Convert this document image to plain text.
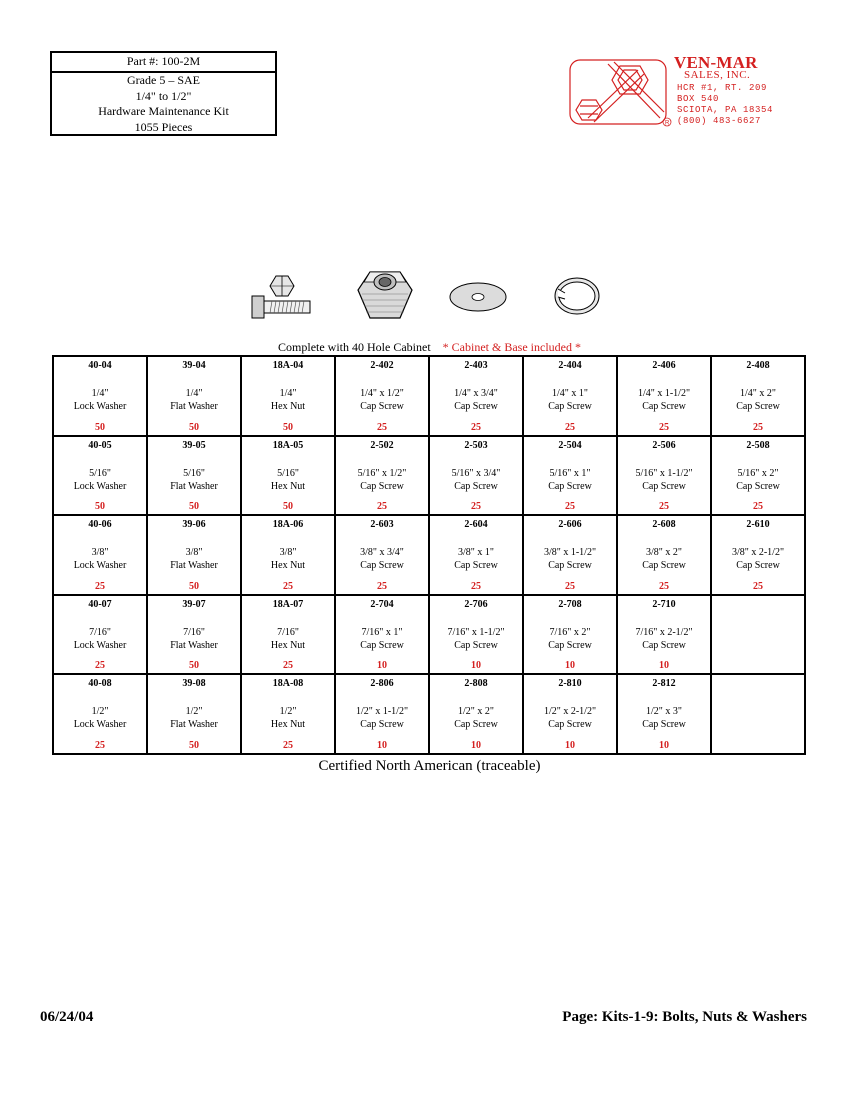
Part #: 100-2M
Grade 5 – SAE
1/4" to 1/2"
Hardware Maintenance Kit
1055 Pieces	R
VEN-MAR
SALES, INC.
HCR #1, RT. 209
BOX 540
SCIOTA, PA 18354
(800) 483-6627
Complete with 40 Hole Cabinet * Cabinet & Base included *
40-04
1/4"
Lock Washer
50	39-04
1/4"
Flat Washer
50	18A-04
1/4"
Hex Nut
50	2-402
1/4" x 1/2"
Cap Screw
25	2-403
1/4" x 3/4"
Cap Screw
25	2-404
1/4" x 1"
Cap Screw
25	2-406
1/4" x 1-1/2"
Cap Screw
25	2-408
1/4" x 2"
Cap Screw
25

40-05
5/16"
Lock Washer
50	39-05
5/16"
Flat Washer
50	18A-05
5/16"
Hex Nut
50	2-502
5/16" x 1/2"
Cap Screw
25	2-503
5/16" x 3/4"
Cap Screw
25	2-504
5/16" x 1"
Cap Screw
25	2-506
5/16" x 1-1/2"
Cap Screw
25	2-508
5/16" x 2"
Cap Screw
25

40-06
3/8"
Lock Washer
25	39-06
3/8"
Flat Washer
50	18A-06
3/8"
Hex Nut
25	2-603
3/8" x 3/4"
Cap Screw
25	2-604
3/8" x 1"
Cap Screw
25	2-606
3/8" x 1-1/2"
Cap Screw
25	2-608
3/8" x 2"
Cap Screw
25	2-610
3/8" x 2-1/2"
Cap Screw
25

40-07
7/16"
Lock Washer
25	39-07
7/16"
Flat Washer
50	18A-07
7/16"
Hex Nut
25	2-704
7/16" x 1"
Cap Screw
10	2-706
7/16" x 1-1/2"
Cap Screw
10	2-708
7/16" x 2"
Cap Screw
10	2-710
7/16" x 2-1/2"
Cap Screw
10	

40-08
1/2"
Lock Washer
25	39-08
1/2"
Flat Washer
50	18A-08
1/2"
Hex Nut
25	2-806
1/2" x 1-1/2"
Cap Screw
10	2-808
1/2" x 2"
Cap Screw
10	2-810
1/2" x 2-1/2"
Cap Screw
10	2-812
1/2" x 3"
Cap Screw
10	

Certified North American (traceable)
06/24/04	Page: Kits-1-9: Bolts, Nuts & Washers
